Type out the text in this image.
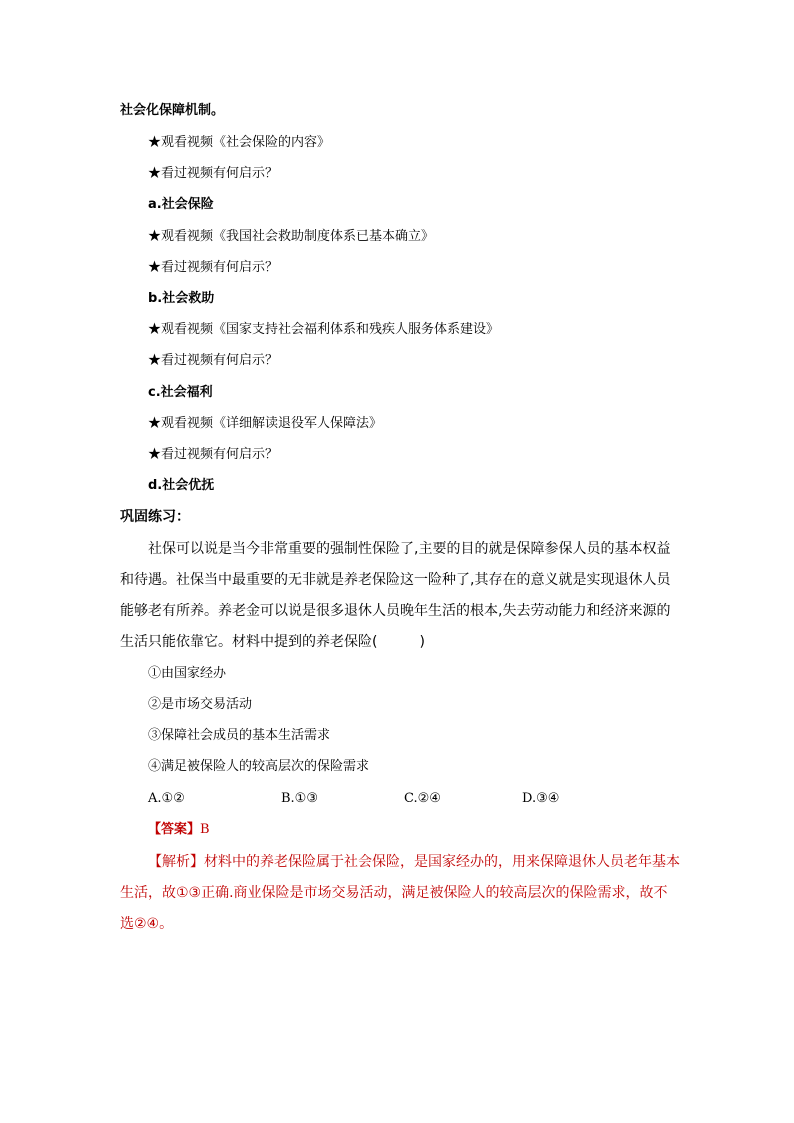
社会化保障机制。
★观看视频《社会保险的内容》
★看过视频有何启示？
a.社会保险
★观看视频《我国社会救助制度体系已基本确立》
★看过视频有何启示？
b.社会救助
★观看视频《国家支持社会福利体系和残疾人服务体系建设》
★看过视频有何启示？
c.社会福利
★观看视频《详细解读退役军人保障法》
★看过视频有何启示？
d.社会优抚
巩固练习：
社保可以说是当今非常重要的强制性保险了,主要的目的就是保障参保人员的基本权益
和待遇。社保当中最重要的无非就是养老保险这一险种了,其存在的意义就是实现退休人员
能够老有所养。养老金可以说是很多退休人员晚年生活的根本,失去劳动能力和经济来源的
生活只能依靠它。材料中提到的养老保险(　　　)
①由国家经办
②是市场交易活动
③保障社会成员的基本生活需求
④满足被保险人的较高层次的保险需求
A.①②	B.①③	C.②④	D.③④
【答案】B
【解析】材料中的养老保险属于社会保险，是国家经办的，用来保障退休人员老年基本
生活，故①③正确.商业保险是市场交易活动，满足被保险人的较高层次的保险需求，故不
选②④。
